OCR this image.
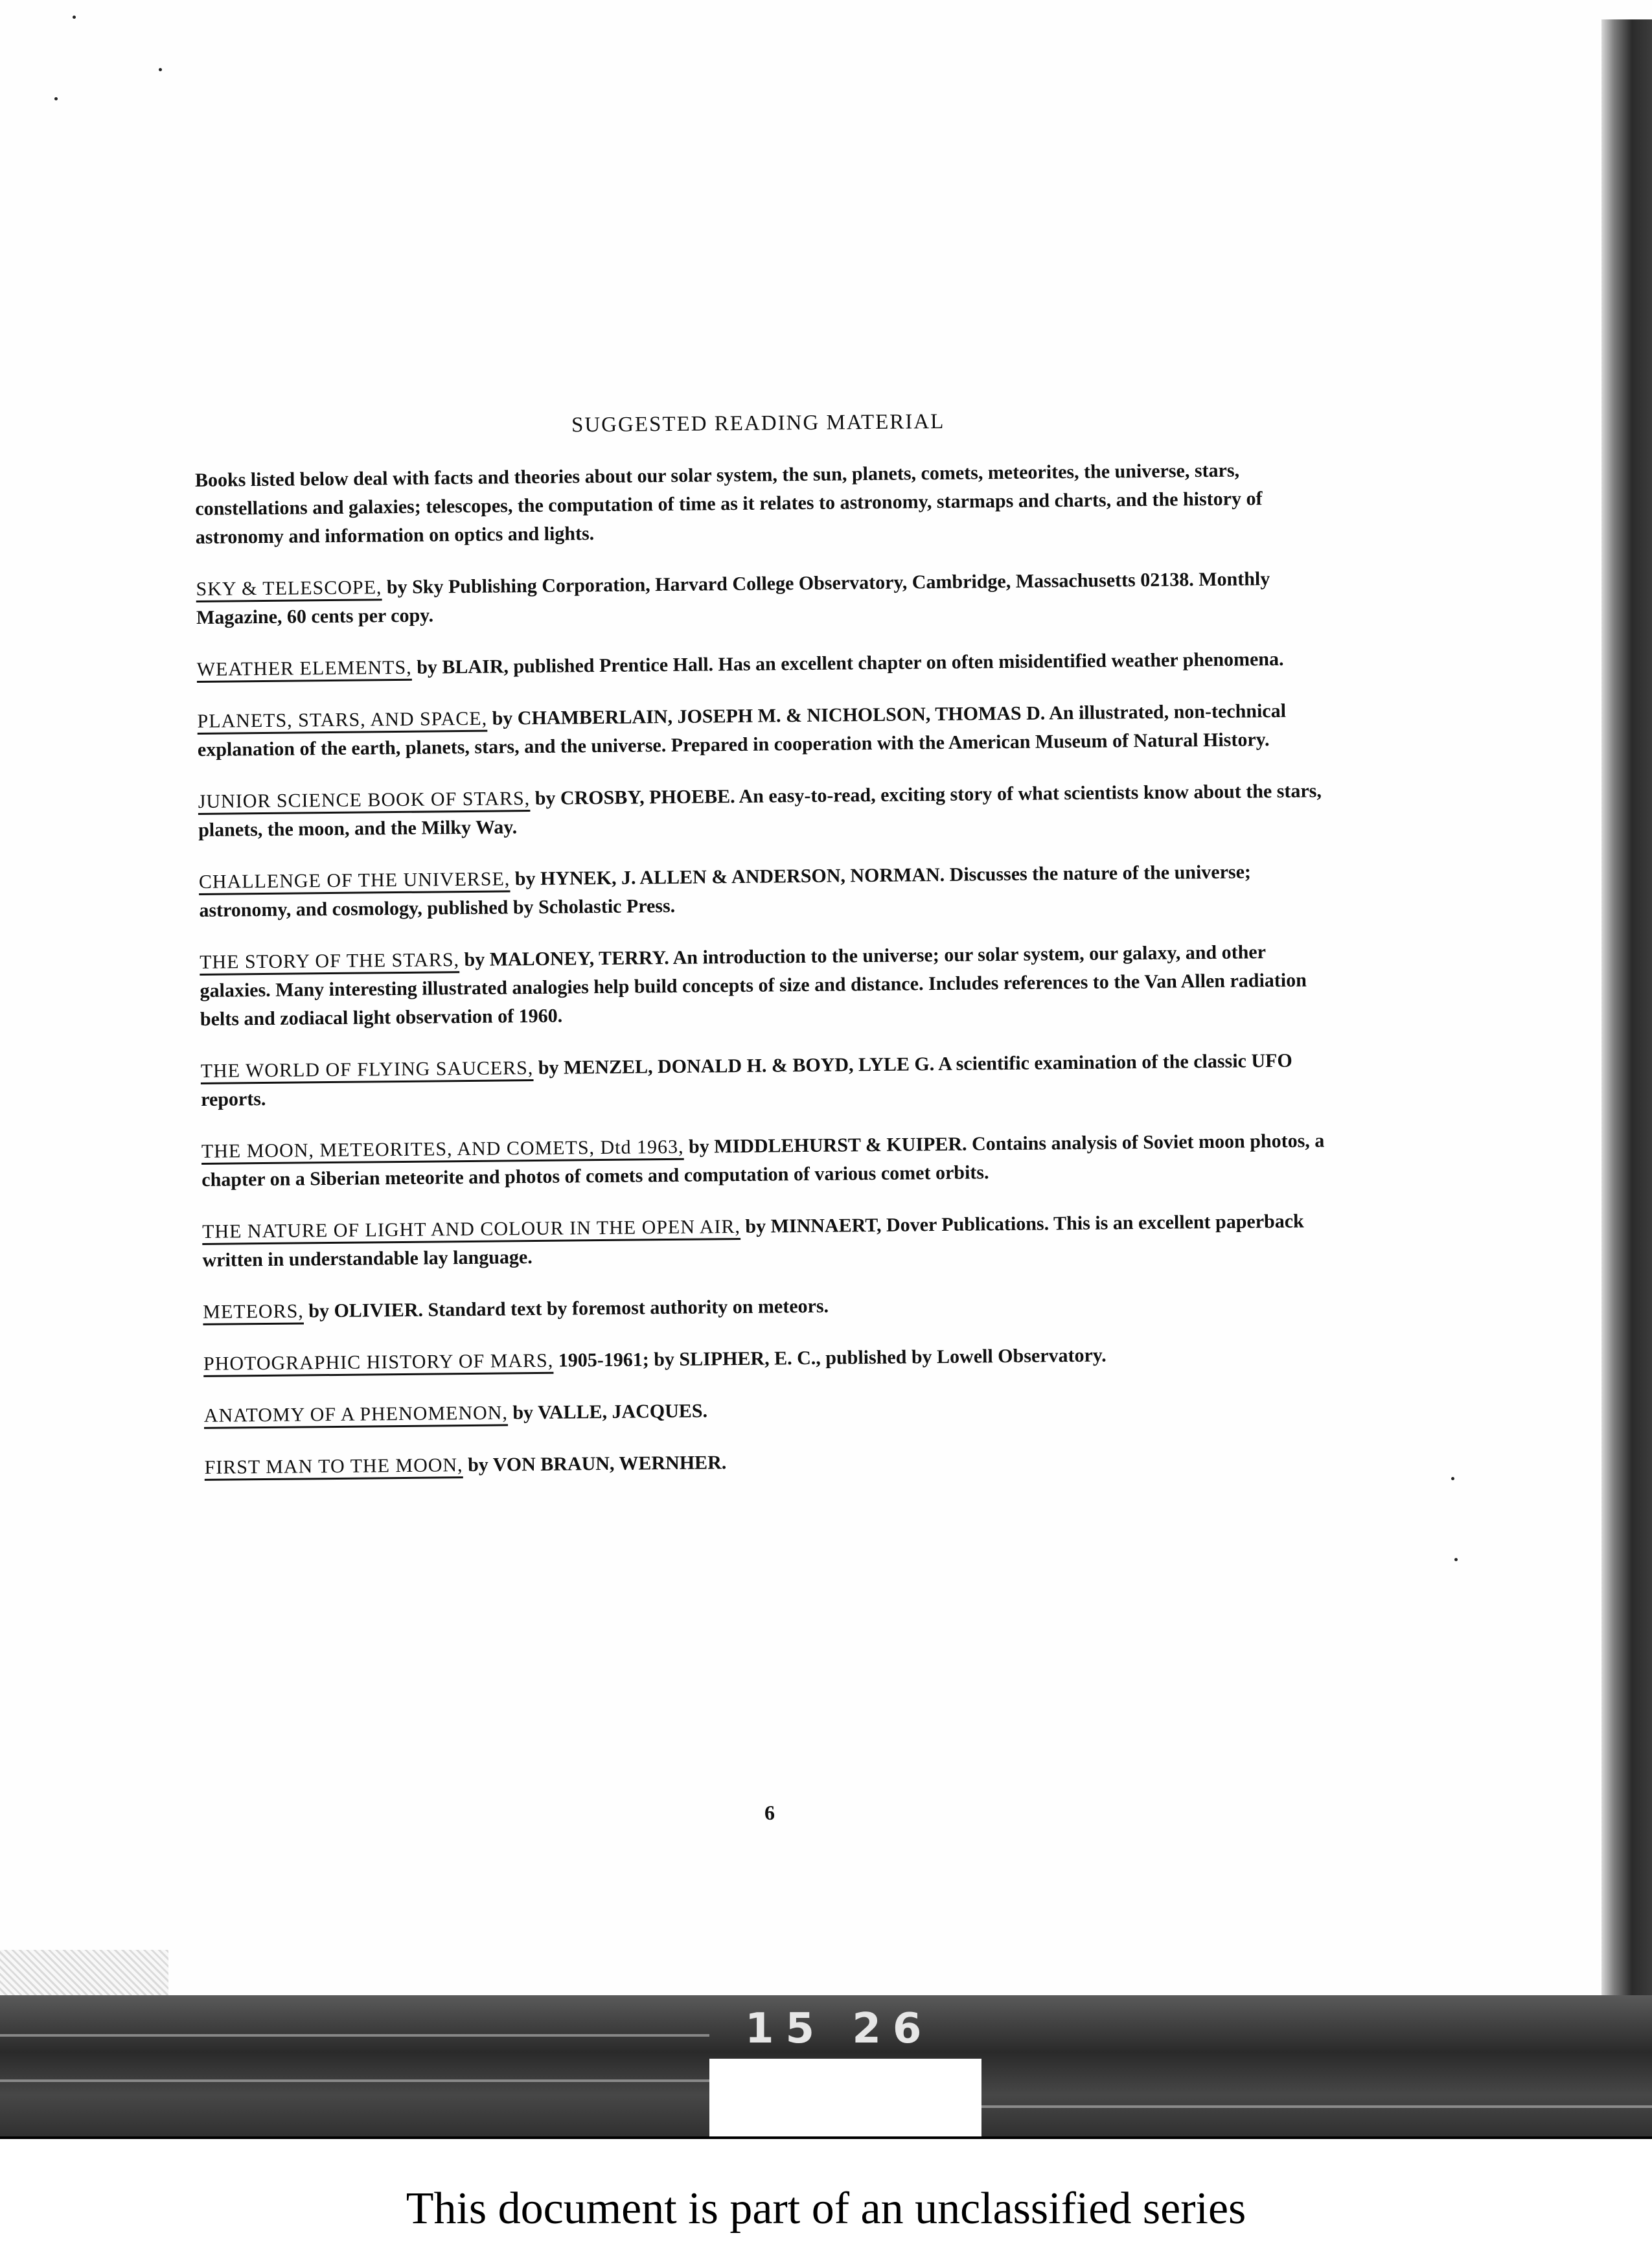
SUGGESTED READING MATERIAL

Books listed below deal with facts and theories about our solar system, the sun, planets, comets, meteorites, the universe, stars, constellations and galaxies; telescopes, the computation of time as it relates to astronomy, starmaps and charts, and the history of astronomy and information on optics and lights.

SKY & TELESCOPE, by Sky Publishing Corporation, Harvard College Observatory, Cambridge, Massachusetts 02138. Monthly Magazine, 60 cents per copy.

WEATHER ELEMENTS, by BLAIR, published Prentice Hall. Has an excellent chapter on often misidentified weather phenomena.

PLANETS, STARS, AND SPACE, by CHAMBERLAIN, JOSEPH M. & NICHOLSON, THOMAS D. An illustrated, non-technical explanation of the earth, planets, stars, and the universe. Prepared in cooperation with the American Museum of Natural History.

JUNIOR SCIENCE BOOK OF STARS, by CROSBY, PHOEBE. An easy-to-read, exciting story of what scientists know about the stars, planets, the moon, and the Milky Way.

CHALLENGE OF THE UNIVERSE, by HYNEK, J. ALLEN & ANDERSON, NORMAN. Discusses the nature of the universe; astronomy, and cosmology, published by Scholastic Press.

THE STORY OF THE STARS, by MALONEY, TERRY. An introduction to the universe; our solar system, our galaxy, and other galaxies. Many interesting illustrated analogies help build concepts of size and distance. Includes references to the Van Allen radiation belts and zodiacal light observation of 1960.

THE WORLD OF FLYING SAUCERS, by MENZEL, DONALD H. & BOYD, LYLE G. A scientific examination of the classic UFO reports.

THE MOON, METEORITES, AND COMETS, Dtd 1963, by MIDDLEHURST & KUIPER. Contains analysis of Soviet moon photos, a chapter on a Siberian meteorite and photos of comets and computation of various comet orbits.

THE NATURE OF LIGHT AND COLOUR IN THE OPEN AIR, by MINNAERT, Dover Publications. This is an excellent paperback written in understandable lay language.

METEORS, by OLIVIER. Standard text by foremost authority on meteors.

PHOTOGRAPHIC HISTORY OF MARS, 1905-1961; by SLIPHER, E. C., published by Lowell Observatory.

ANATOMY OF A PHENOMENON, by VALLE, JACQUES.

FIRST MAN TO THE MOON, by VON BRAUN, WERNHER.

6
15 26
This document is part of an unclassified series
